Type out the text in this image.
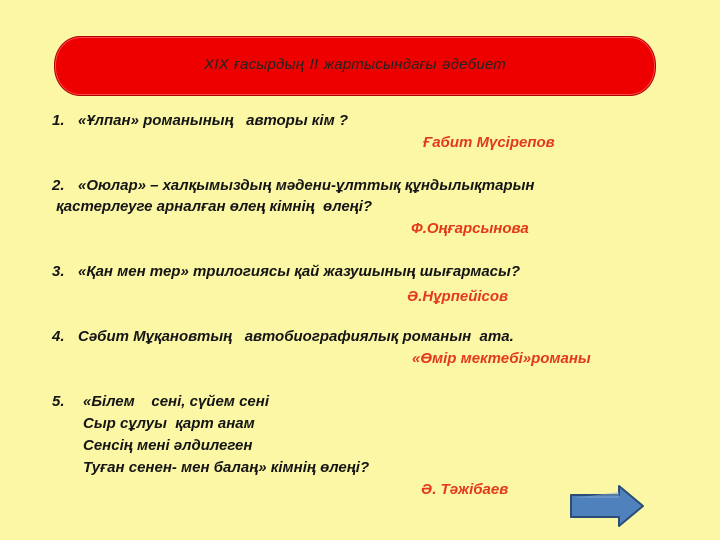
XIX ғасырдың II жартысындағы әдебиет
1. «Ұлпан» романының   авторы кім ?
Ғабит Мүсірепов
2. «Оюлар» – халқымыздың мәдени-ұлттық құндылықтарын
қастерлеуге арналған өлең кімнің  өлеңі?
Ф.Оңғарсынова
3. «Қан мен тер» трилогиясы қай жазушының шығармасы?
Ә.Нұрпейісов
4. Сәбит Мұқановтың   автобиографиялық романын  ата.
«Өмір мектебі»романы
5. «Білем    сені, сүйем сені
Сыр сұлуы  қарт анам
Сенсің мені әлдилеген
Туған сенен- мен балаң» кімнің өлеңі?
Ә. Тәжібаев
